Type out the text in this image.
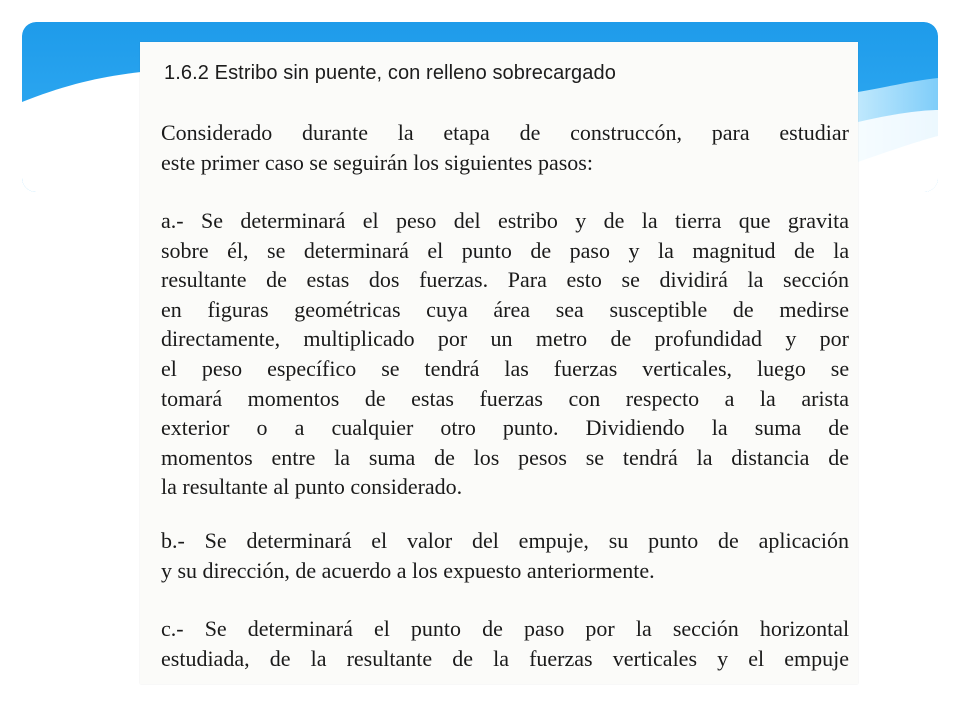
1.6.2 Estribo sin puente, con relleno sobrecargado
Considerado durante la etapa de construccón, para estudiar
este primer caso se seguirán los siguientes pasos:
a.- Se determinará el peso del estribo y de la tierra que gravita
sobre él, se determinará el punto de paso y la magnitud de la
resultante de estas dos fuerzas. Para esto se dividirá la sección
en figuras geométricas cuya área sea susceptible de medirse
directamente, multiplicado por un metro de profundidad y por
el peso específico se tendrá las fuerzas verticales, luego se
tomará momentos de estas fuerzas con respecto a la arista
exterior o a cualquier otro punto. Dividiendo la suma de
momentos entre la suma de los pesos se tendrá la distancia de
la resultante al punto considerado.
b.- Se determinará el valor del empuje, su punto de aplicación
y su dirección, de acuerdo a los expuesto anteriormente.
c.- Se determinará el punto de paso por la sección horizontal
estudiada, de la resultante de la fuerzas verticales y el empuje
